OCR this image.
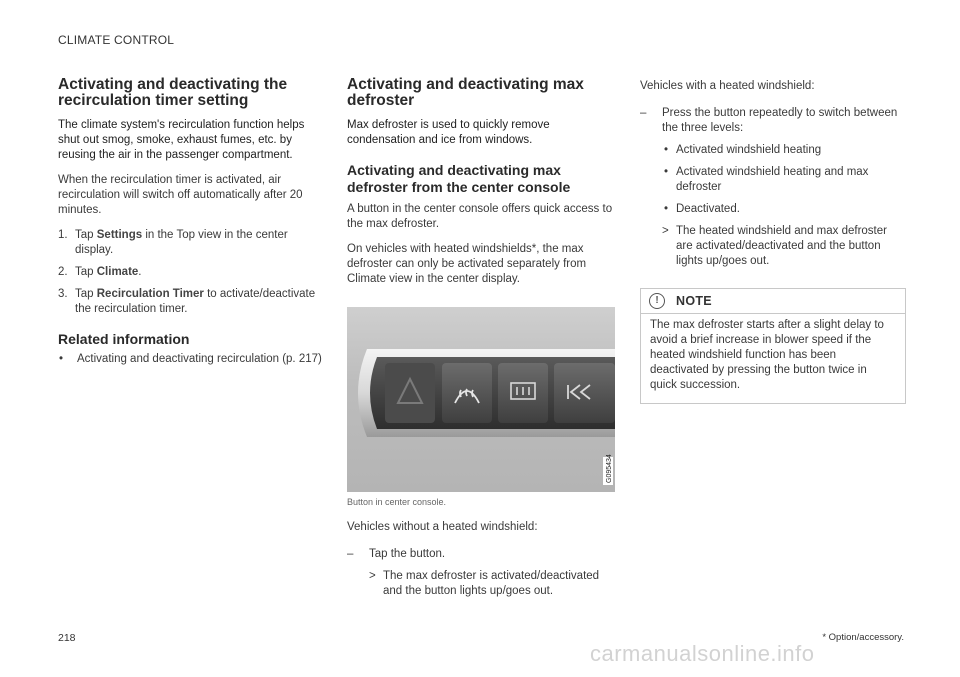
CLIMATE CONTROL
Activating and deactivating the recirculation timer setting

The climate system's recirculation function helps shut out smog, smoke, exhaust fumes, etc. by reusing the air in the passenger compartment.

When the recirculation timer is activated, air recirculation will switch off automatically after 20 minutes.

1. Tap Settings in the Top view in the center display.
2. Tap Climate.
3. Tap Recirculation Timer to activate/deactivate the recirculation timer.
Related information
• Activating and deactivating recirculation (p. 217)
Activating and deactivating max defroster

Max defroster is used to quickly remove condensation and ice from windows.

Activating and deactivating max defroster from the center console

A button in the center console offers quick access to the max defroster.

On vehicles with heated windshields*, the max defroster can only be activated separately from Climate view in the center display.

G095434
Button in center console.

Vehicles without a heated windshield:

– Tap the button.
> The max defroster is activated/deactivated and the button lights up/goes out.

Vehicles with a heated windshield:

– Press the button repeatedly to switch between the three levels:
• Activated windshield heating
• Activated windshield heating and max defroster
• Deactivated.
> The heated windshield and max defroster are activated/deactivated and the button lights up/goes out.
!	NOTE
The max defroster starts after a slight delay to avoid a brief increase in blower speed if the heated windshield function has been deactivated by pressing the button twice in quick succession.
218	* Option/accessory.
carmanualsonline.info
